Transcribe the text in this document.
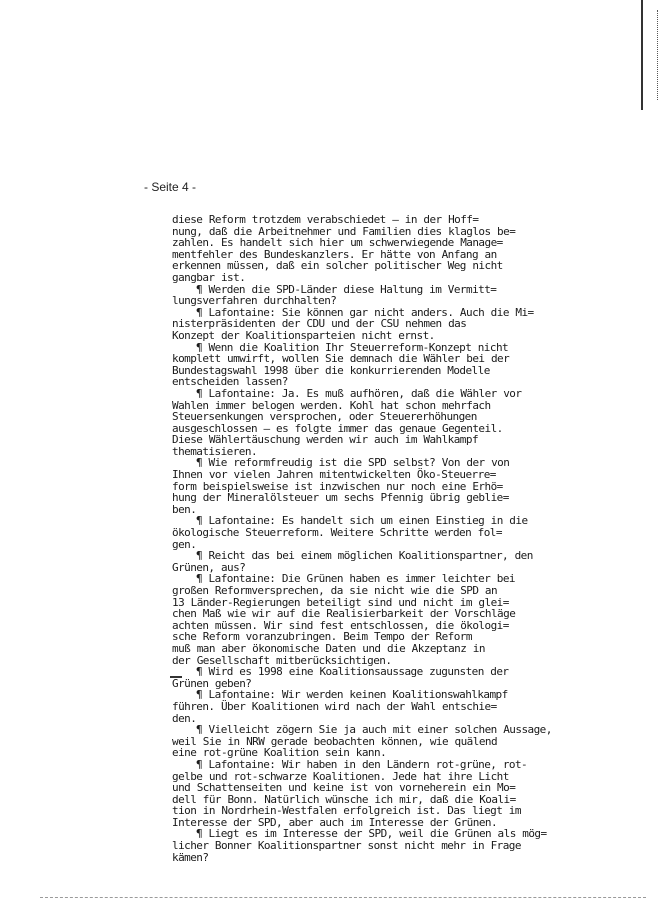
- Seite 4 -
diese Reform trotzdem verabschiedet – in der Hoff=
nung, daß die Arbeitnehmer und Familien dies klaglos be=
zahlen. Es handelt sich hier um schwerwiegende Manage=
mentfehler des Bundeskanzlers. Er hätte von Anfang an
erkennen müssen, daß ein solcher politischer Weg nicht
gangbar ist.
¶ Werden die SPD-Länder diese Haltung im Vermitt=
lungsverfahren durchhalten?
¶ Lafontaine: Sie können gar nicht anders. Auch die Mi=
nisterpräsidenten der CDU und der CSU nehmen das
Konzept der Koalitionsparteien nicht ernst.
¶ Wenn die Koalition Ihr Steuerreform-Konzept nicht
komplett umwirft, wollen Sie demnach die Wähler bei der
Bundestagswahl 1998 über die konkurrierenden Modelle
entscheiden lassen?
¶ Lafontaine: Ja. Es muß aufhören, daß die Wähler vor
Wahlen immer belogen werden. Kohl hat schon mehrfach
Steuersenkungen versprochen, oder Steuererhöhungen
ausgeschlossen – es folgte immer das genaue Gegenteil.
Diese Wählertäuschung werden wir auch im Wahlkampf
thematisieren.
¶ Wie reformfreudig ist die SPD selbst? Von der von
Ihnen vor vielen Jahren mitentwickelten Öko-Steuerre=
form beispielsweise ist inzwischen nur noch eine Erhö=
hung der Mineralölsteuer um sechs Pfennig übrig geblie=
ben.
¶ Lafontaine: Es handelt sich um einen Einstieg in die
ökologische Steuerreform. Weitere Schritte werden fol=
gen.
¶ Reicht das bei einem möglichen Koalitionspartner, den
Grünen, aus?
¶ Lafontaine: Die Grünen haben es immer leichter bei
großen Reformversprechen, da sie nicht wie die SPD an
13 Länder-Regierungen beteiligt sind und nicht im glei=
chen Maß wie wir auf die Realisierbarkeit der Vorschläge
achten müssen. Wir sind fest entschlossen, die ökologi=
sche Reform voranzubringen. Beim Tempo der Reform
muß man aber ökonomische Daten und die Akzeptanz in
der Gesellschaft mitberücksichtigen.
¶ Wird es 1998 eine Koalitionsaussage zugunsten der
Grünen geben?
¶ Lafontaine: Wir werden keinen Koalitionswahlkampf
führen. Über Koalitionen wird nach der Wahl entschie=
den.
¶ Vielleicht zögern Sie ja auch mit einer solchen Aussage,
weil Sie in NRW gerade beobachten können, wie quälend
eine rot-grüne Koalition sein kann.
¶ Lafontaine: Wir haben in den Ländern rot-grüne, rot-
gelbe und rot-schwarze Koalitionen. Jede hat ihre Licht
und Schattenseiten und keine ist von vorneherein ein Mo=
dell für Bonn. Natürlich wünsche ich mir, daß die Koali=
tion in Nordrhein-Westfalen erfolgreich ist. Das liegt im
Interesse der SPD, aber auch im Interesse der Grünen.
¶ Liegt es im Interesse der SPD, weil die Grünen als mög=
licher Bonner Koalitionspartner sonst nicht mehr in Frage
kämen?
